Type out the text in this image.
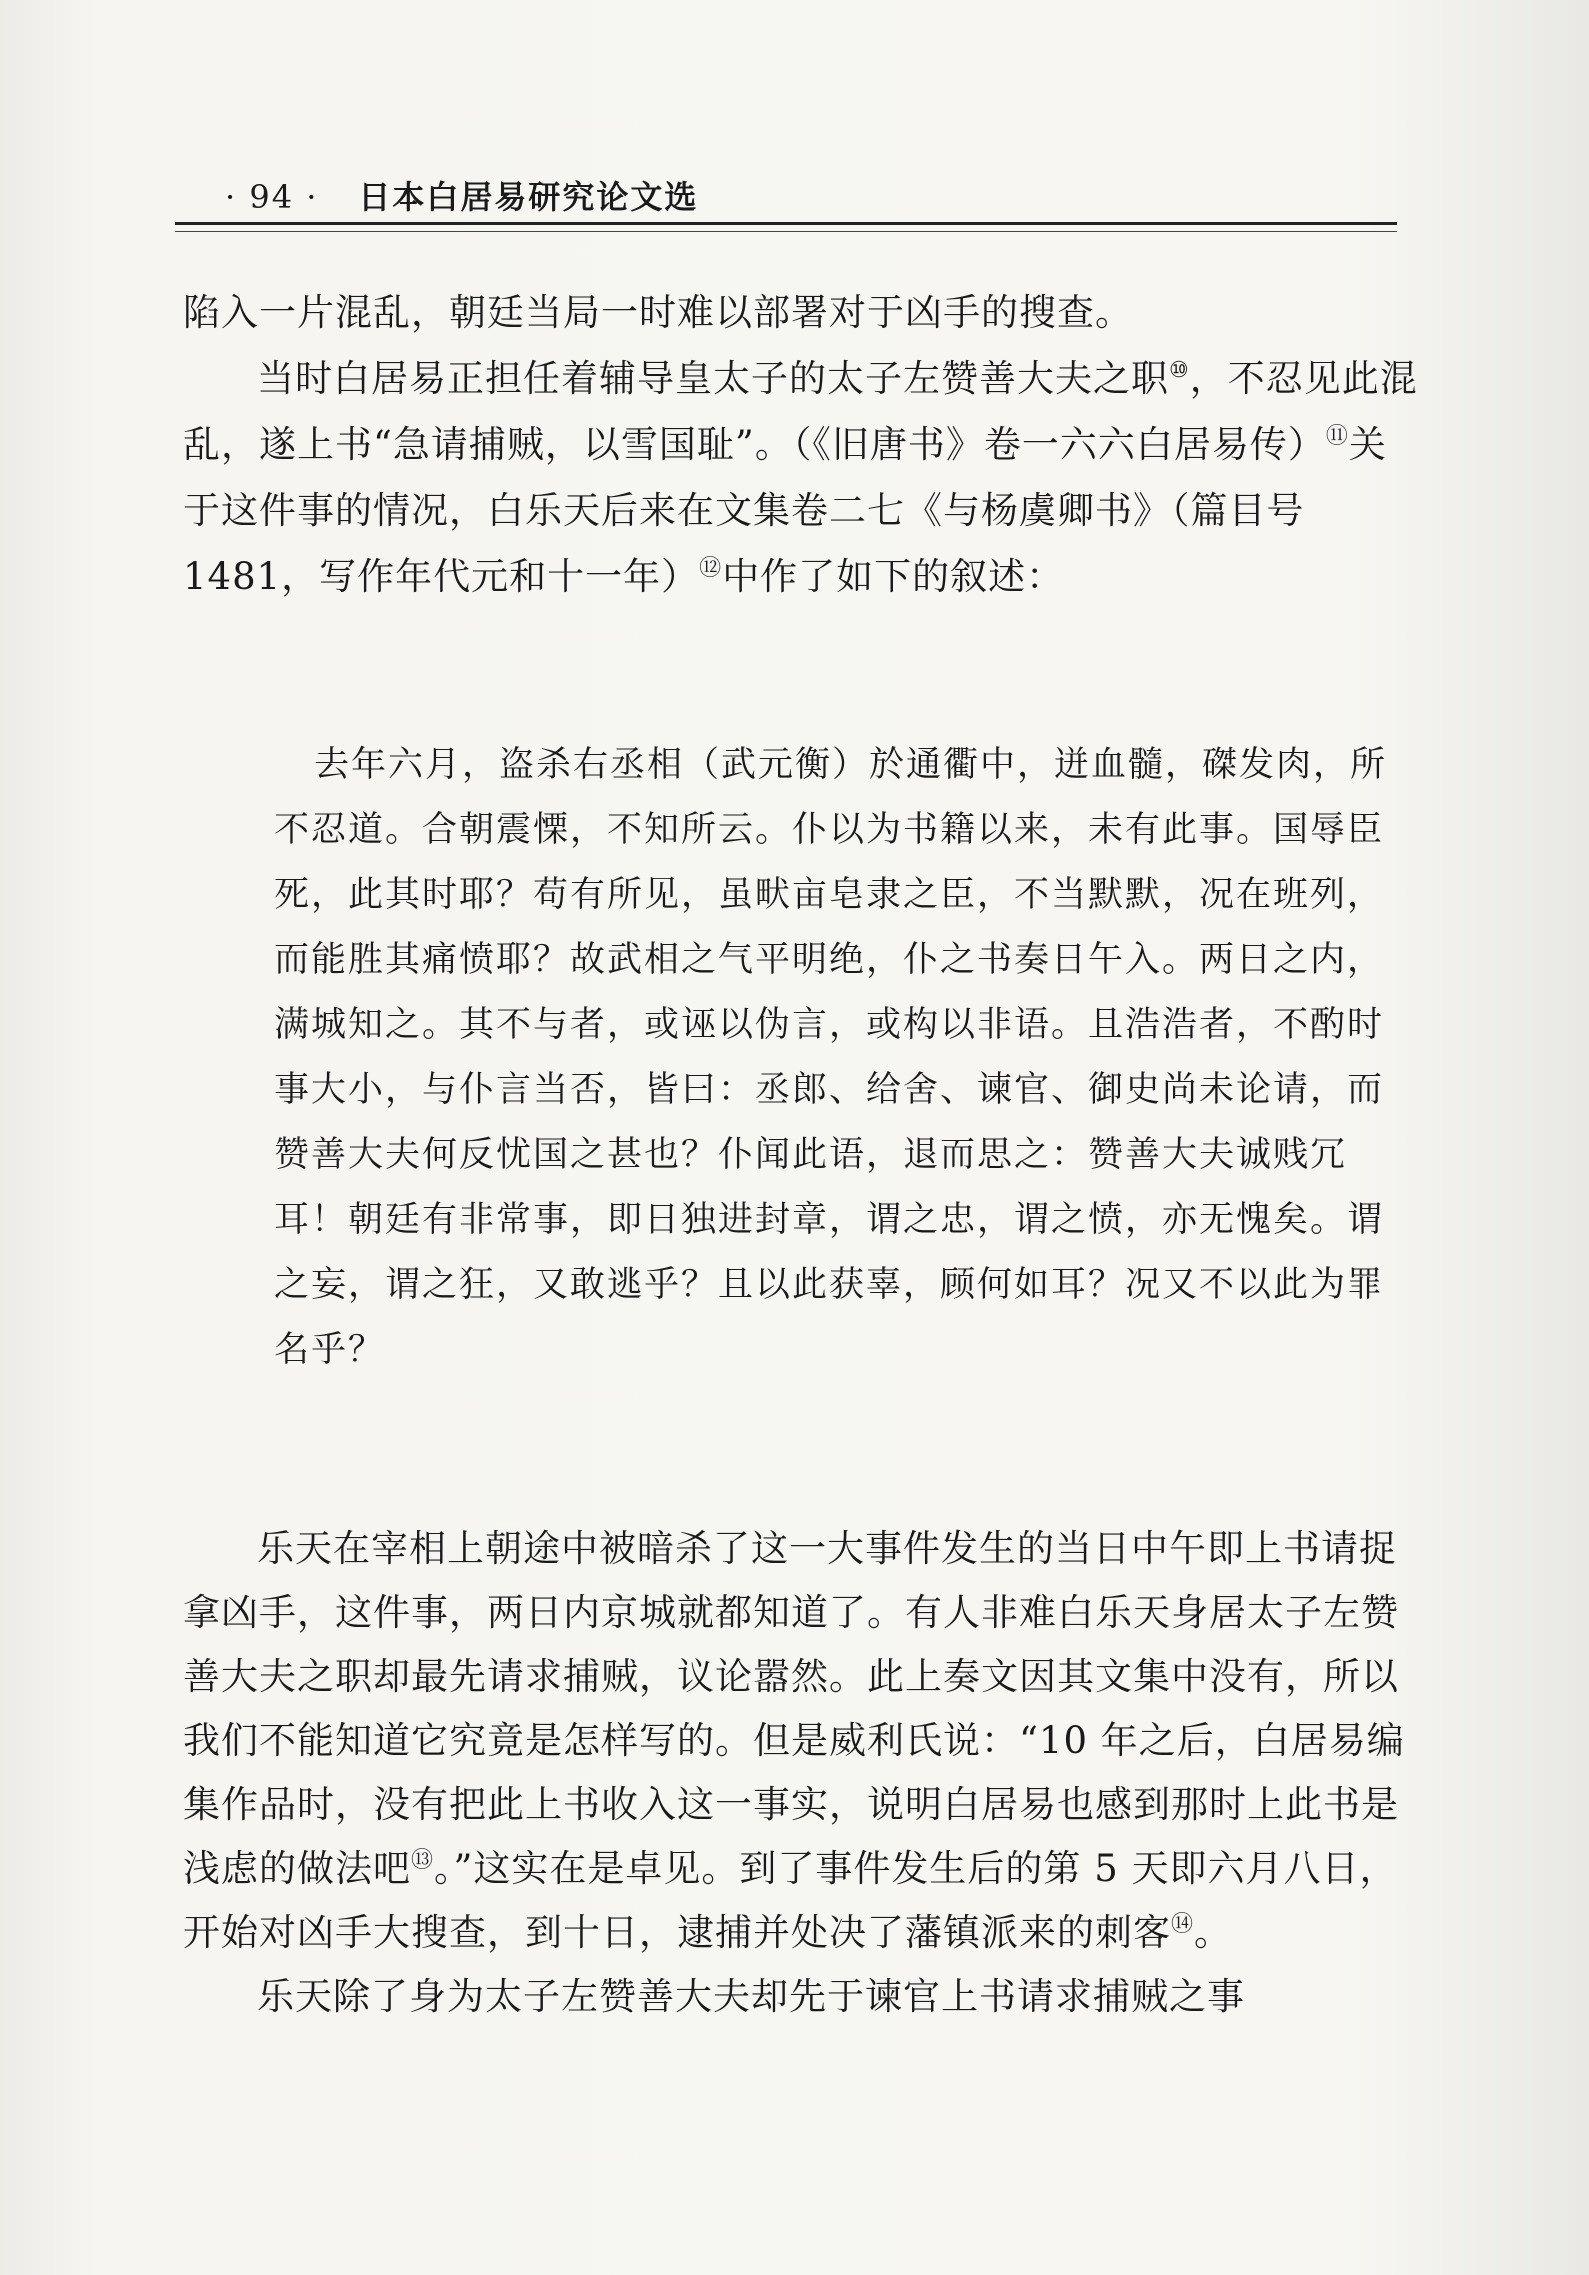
· 94 · 日本白居易研究论文选

陷入一片混乱，朝廷当局一时难以部署对于凶手的搜查。

当时白居易正担任着辅导皇太子的太子左赞善大夫之职⑩，不忍见此混乱，遂上书“急请捕贼，以雪国耻”。（《旧唐书》卷一六六白居易传）⑪关于这件事的情况，白乐天后来在文集卷二七《与杨虞卿书》（篇目号 1481，写作年代元和十一年）⑫中作了如下的叙述：

去年六月，盗杀右丞相（武元衡）於通衢中，迸血髓，磔发肉，所不忍道。合朝震慄，不知所云。仆以为书籍以来，未有此事。国辱臣死，此其时耶？苟有所见，虽畎亩皂隶之臣，不当默默，况在班列，而能胜其痛愤耶？故武相之气平明绝，仆之书奏日午入。两日之内，满城知之。其不与者，或诬以伪言，或构以非语。且浩浩者，不酌时事大小，与仆言当否，皆曰：丞郎、给舍、谏官、御史尚未论请，而赞善大夫何反忧国之甚也？仆闻此语，退而思之：赞善大夫诚贱冗耳！朝廷有非常事，即日独进封章，谓之忠，谓之愤，亦无愧矣。谓之妄，谓之狂，又敢逃乎？且以此获辜，顾何如耳？况又不以此为罪名乎？

乐天在宰相上朝途中被暗杀了这一大事件发生的当日中午即上书请捉拿凶手，这件事，两日内京城就都知道了。有人非难白乐天身居太子左赞善大夫之职却最先请求捕贼，议论嚣然。此上奏文因其文集中没有，所以我们不能知道它究竟是怎样写的。但是威利氏说：“10 年之后，白居易编集作品时，没有把此上书收入这一事实，说明白居易也感到那时上此书是浅虑的做法吧⑬。”这实在是卓见。到了事件发生后的第 5 天即六月八日，开始对凶手大搜查，到十日，逮捕并处决了藩镇派来的刺客⑭。

乐天除了身为太子左赞善大夫却先于谏官上书请求捕贼之事
